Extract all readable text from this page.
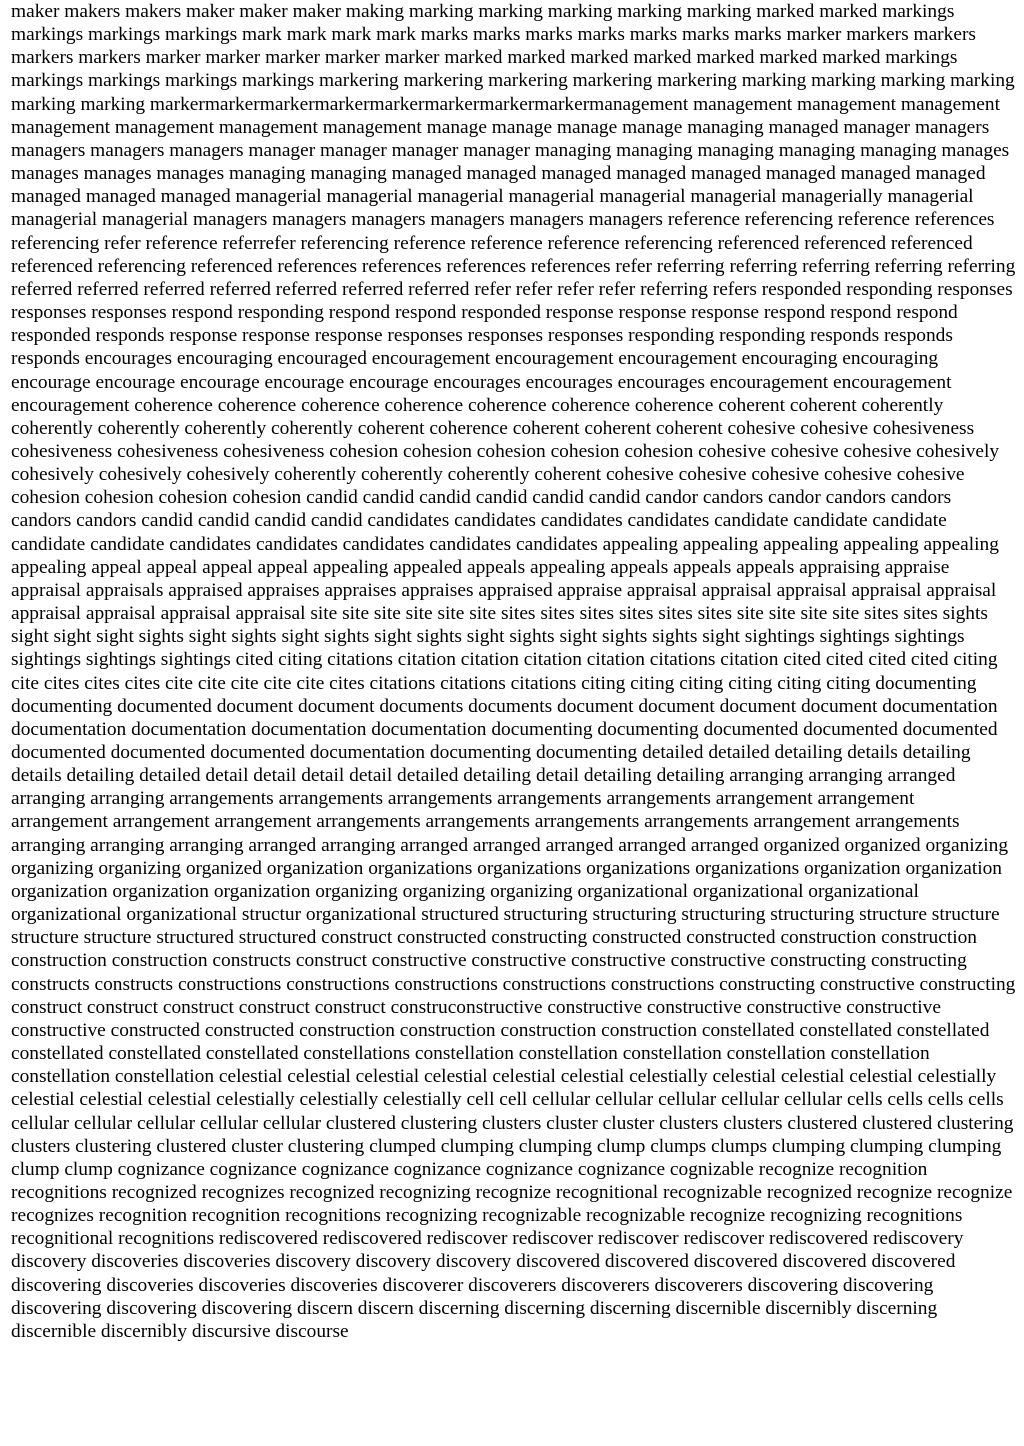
maker makers makers maker maker maker making marking marking marking marking marking marked marked markings markings markings markings mark mark mark mark marks marks marks marks marks marks marks marker markers markers markers markers marker marker marker marker marker marked marked marked marked marked marked marked markings markings markings markings markings markering markering markering markering markering marking marking marking marking marking marking markermarkermarkermarkermarkermarkermarkermarkermanagement management management management management management management management manage manage manage manage managing managed manager managers managers managers managers manager manager manager manager managing managing managing managing managing manages manages manages manages managing managing managed managed managed managed managed managed managed managed managed managed managed managerial managerial managerial managerial managerial managerial managerially managerial managerial managerial managers managers managers managers managers managers reference referencing reference references referencing refer reference referrefer referencing reference reference reference referencing referenced referenced referenced referenced referencing referenced references references references references refer referring referring referring referring referring referred referred referred referred referred referred referred refer refer refer refer referring refers responded responding responses responses responses respond responding respond respond responded response response response respond respond respond responded responds response response response responses responses responses responding responding responds responds responds encourages encouraging encouraged encouragement encouragement encouragement encouraging encouraging encourage encourage encourage encourage encourage encourages encourages encourages encouragement encouragement encouragement coherence coherence coherence coherence coherence coherence coherence coherent coherent coherently coherently coherently coherently coherently coherent coherence coherent coherent coherent cohesive cohesive cohesiveness cohesiveness cohesiveness cohesiveness cohesion cohesion cohesion cohesion cohesion cohesive cohesive cohesive cohesively cohesively cohesively cohesively coherently coherently coherently coherent cohesive cohesive cohesive cohesive cohesive cohesion cohesion cohesion cohesion candid candid candid candid candid candid candor candors candor candors candors candors candors candid candid candid candid candidates candidates candidates candidates candidate candidate candidate candidate candidate candidates candidates candidates candidates candidates appealing appealing appealing appealing appealing appealing appeal appeal appeal appeal appealing appealed appeals appealing appeals appeals appeals appraising appraise appraisal appraisals appraised appraises appraises appraises appraised appraise appraisal appraisal appraisal appraisal appraisal appraisal appraisal appraisal appraisal site site site site site site sites sites sites sites sites sites site site site site sites sites sights sight sight sight sights sight sights sight sights sight sights sight sights sight sights sights sight sightings sightings sightings sightings sightings sightings cited citing citations citation citation citation citation citations citation cited cited cited cited citing cite cites cites cites cite cite cite cite cite cites citations citations citations citing citing citing citing citing citing documenting documenting documented document document documents documents document document document document documentation documentation documentation documentation documentation documenting documenting documented documented documented documented documented documented documentation documenting documenting detailed detailed detailing details detailing details detailing detailed detail detail detail detail detailed detailing detail detailing detailing arranging arranging arranged arranging arranging arrangements arrangements arrangements arrangements arrangements arrangement arrangement arrangement arrangement arrangement arrangements arrangements arrangements arrangements arrangement arrangements arranging arranging arranging arranged arranging arranged arranged arranged arranged arranged organized organized organizing organizing organizing organized organization organizations organizations organizations organizations organization organization organization organization organization organizing organizing organizing organizational organizational organizational organizational organizational structur organizational structured structuring structuring structuring structuring structure structure structure structure structured structured construct constructed constructing constructed constructed construction construction construction construction constructs construct constructive constructive constructive constructive constructing constructing constructs constructs constructions constructions constructions constructions constructions constructing constructive constructing construct construct construct construct construct construconstructive constructive constructive constructive constructive constructive constructed constructed construction construction construction construction constellated constellated constellated constellated constellated constellated constellations constellation constellation constellation constellation constellation constellation constellation celestial celestial celestial celestial celestial celestial celestially celestial celestial celestial celestially celestial celestial celestial celestially celestially celestially cell cell cellular cellular cellular cellular cellular cells cells cells cells cellular cellular cellular cellular cellular clustered clustering clusters cluster cluster clusters clusters clustered clustered clustering clusters clustering clustered cluster clustering clumped clumping clumping clump clumps clumps clumping clumping clumping clump clump cognizance cognizance cognizance cognizance cognizance cognizance cognizable recognize recognition recognitions recognized recognizes recognized recognizing recognize recognitional recognizable recognized recognize recognize recognizes recognition recognition recognitions recognizing recognizable recognizable recognize recognizing recognitions recognitional recognitions rediscovered rediscovered rediscover rediscover rediscover rediscover rediscovered rediscovery discovery discoveries discoveries discovery discovery discovery discovered discovered discovered discovered discovered discovering discoveries discoveries discoveries discoverer discoverers discoverers discoverers discovering discovering discovering discovering discovering discern discern discerning discerning discerning discernible discernibly discerning discernible discernibly discursive discourse
